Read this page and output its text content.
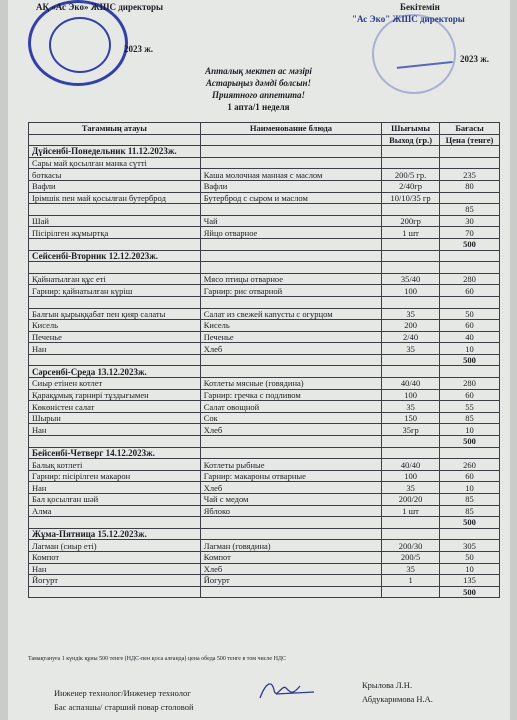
АҚ «Ас Эко» ЖШС директоры
2023 ж.
Бекітемін
"Ас Эко" ЖШС директоры
2023 ж.
Апталық мектеп ас мәзірі
Астарыңыз дәмді болсын!
Приятного аппетита!
1 апта/1 неделя
Тағамның атауы	Наименование блюда	Шығымы	Бағасы
		Выход (гр.)	Цена (тенге)
Дүйсенбі-Понедельник 11.12.2023ж.			
Сары май қосылған манка сүтті			
боткасы	Каша молочная манная с маслом	200/5 гр.	235
Вафли	Вафли	2/40гр	80
Ірімшік пен май қосылған бутерброд	Бутерброд с сыром и маслом	10/10/35 гр	
			85
Шай	Чай	200гр	30
Пісірілген жұмыртқа	Яйцо отварное	1 шт	70
			500
Сейсенбі-Вторник 12.12.2023ж.			

Қайнатылған құс еті	Мясо птицы отварное	35/40	280
Гарнир: қайнатылған күріш	Гарнир: рис отварной	100	60

Балғын қырыққабат пен қияр салаты	Салат из свежей капусты с огурцом	35	50
Кисель	Кисель	200	60
Печенье	Печенье	2/40	40
Нан	Хлеб	35	10
			500
Сәрсенбі-Среда 13.12.2023ж.			
Сиыр етінен котлет	Котлеты мясные (говядина)	40/40	280
Қарақұмық гарнирі тұздығымен	Гарнир: гречка с подливом	100	60
Көкөністен салат	Салат овощной	35	55
Шырын	Сок	150	85
Нан	Хлеб	35гр	10
			500
Бейсенбі-Четверг 14.12.2023ж.			
Балық котлеті	Котлеты рыбные	40/40	260
Гарнир: пісірілген макарон	Гарнир: макароны отварные	100	60
Нан	Хлеб	35	10
Бал қосылған шәй	Чай с медом	200/20	85
Алма	Яблоко	1 шт	85
			500
Жұма-Пятница 15.12.2023ж.			
Лагман (сиыр еті)	Лагман (говядина)	200/30	305
Компот	Компот	200/5	50
Нан	Хлеб	35	10
Йогурт	Йогурт	1	135
			500
Тамақтануға 1 күндік құны 500 тенге (НДС-пен қоса алғанда) цена обеда 500 тенге в том числе НДС
Инженер технолог/Инженер технолог
Крылова Л.Н.
Бас аспазшы/ старший повар столовой
Абдукаримова Н.А.
